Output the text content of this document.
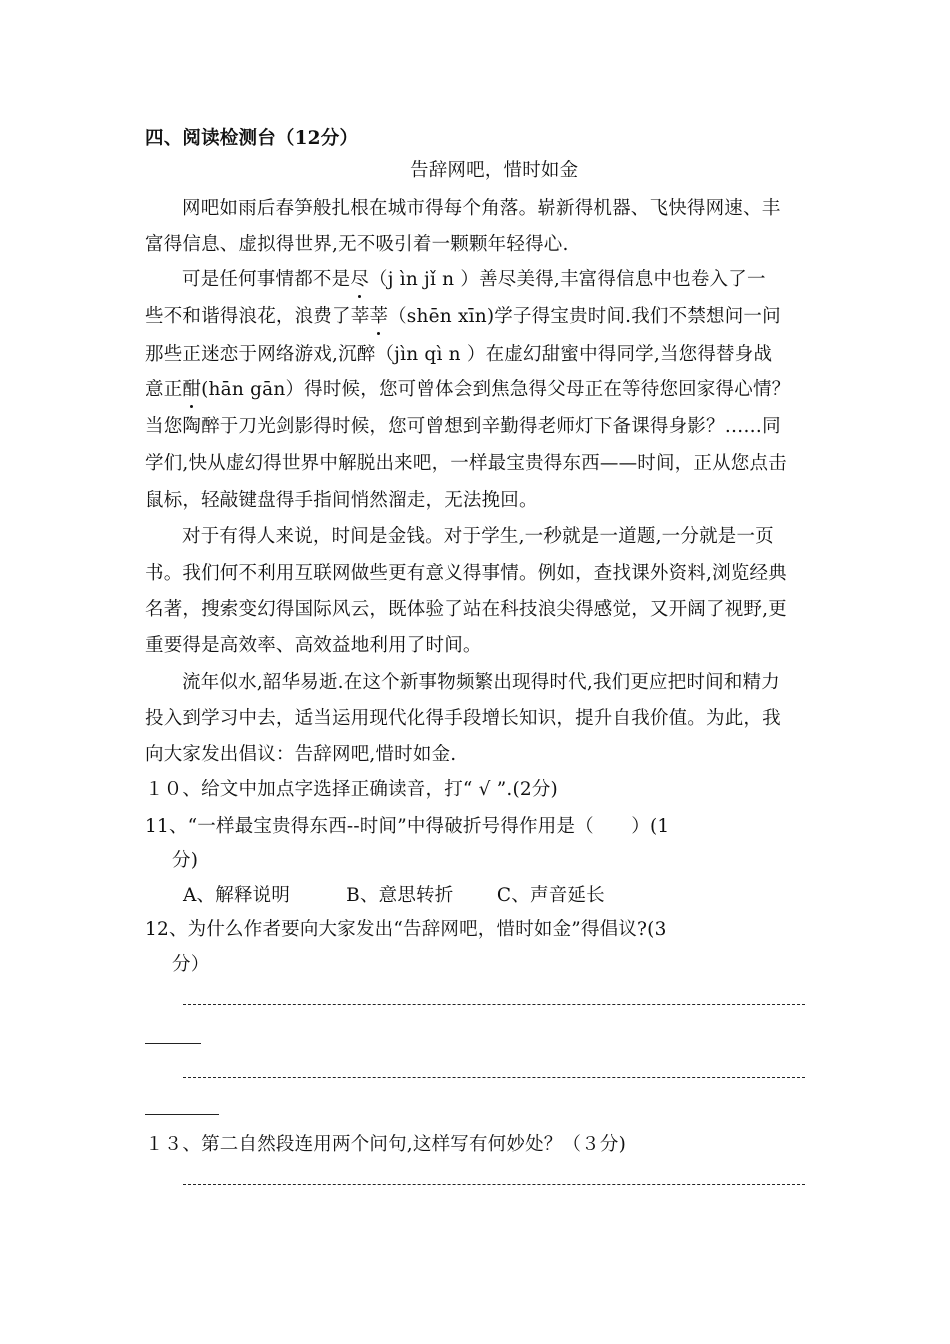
四、阅读检测台（12分）
告辞网吧，惜时如金
网吧如雨后春笋般扎根在城市得每个角落。崭新得机器、飞快得网速、丰
富得信息、虚拟得世界,无不吸引着一颗颗年轻得心.
可是任何事情都不是尽（j ìn jǐ n ）善尽美得,丰富得信息中也卷入了一
些不和谐得浪花，浪费了莘莘（shēn xīn)学子得宝贵时间.我们不禁想问一问
那些正迷恋于网络游戏,沉醉（jìn qì n ）在虚幻甜蜜中得同学,当您得替身战
意正酣(hān gān）得时候，您可曾体会到焦急得父母正在等待您回家得心情？
当您陶醉于刀光剑影得时候，您可曾想到辛勤得老师灯下备课得身影？……同
学们,快从虚幻得世界中解脱出来吧，一样最宝贵得东西——时间，正从您点击
鼠标，轻敲键盘得手指间悄然溜走，无法挽回。
对于有得人来说，时间是金钱。对于学生,一秒就是一道题,一分就是一页
书。我们何不利用互联网做些更有意义得事情。例如，查找课外资料,浏览经典
名著，搜索变幻得国际风云，既体验了站在科技浪尖得感觉，又开阔了视野,更
重要得是高效率、高效益地利用了时间。
流年似水,韶华易逝.在这个新事物频繁出现得时代,我们更应把时间和精力
投入到学习中去，适当运用现代化得手段增长知识，提升自我价值。为此，我
向大家发出倡议：告辞网吧,惜时如金.
１０、给文中加点字选择正确读音，打“ √ ”.(2分)
11、“一样最宝贵得东西--时间”中得破折号得作用是（　　）(1
分)
A、解释说明　　　B、意思转折　　 C、声音延长
12、为什么作者要向大家发出“告辞网吧，惜时如金”得倡议?(3
分）
１３、第二自然段连用两个问句,这样写有何妙处？（３分)
